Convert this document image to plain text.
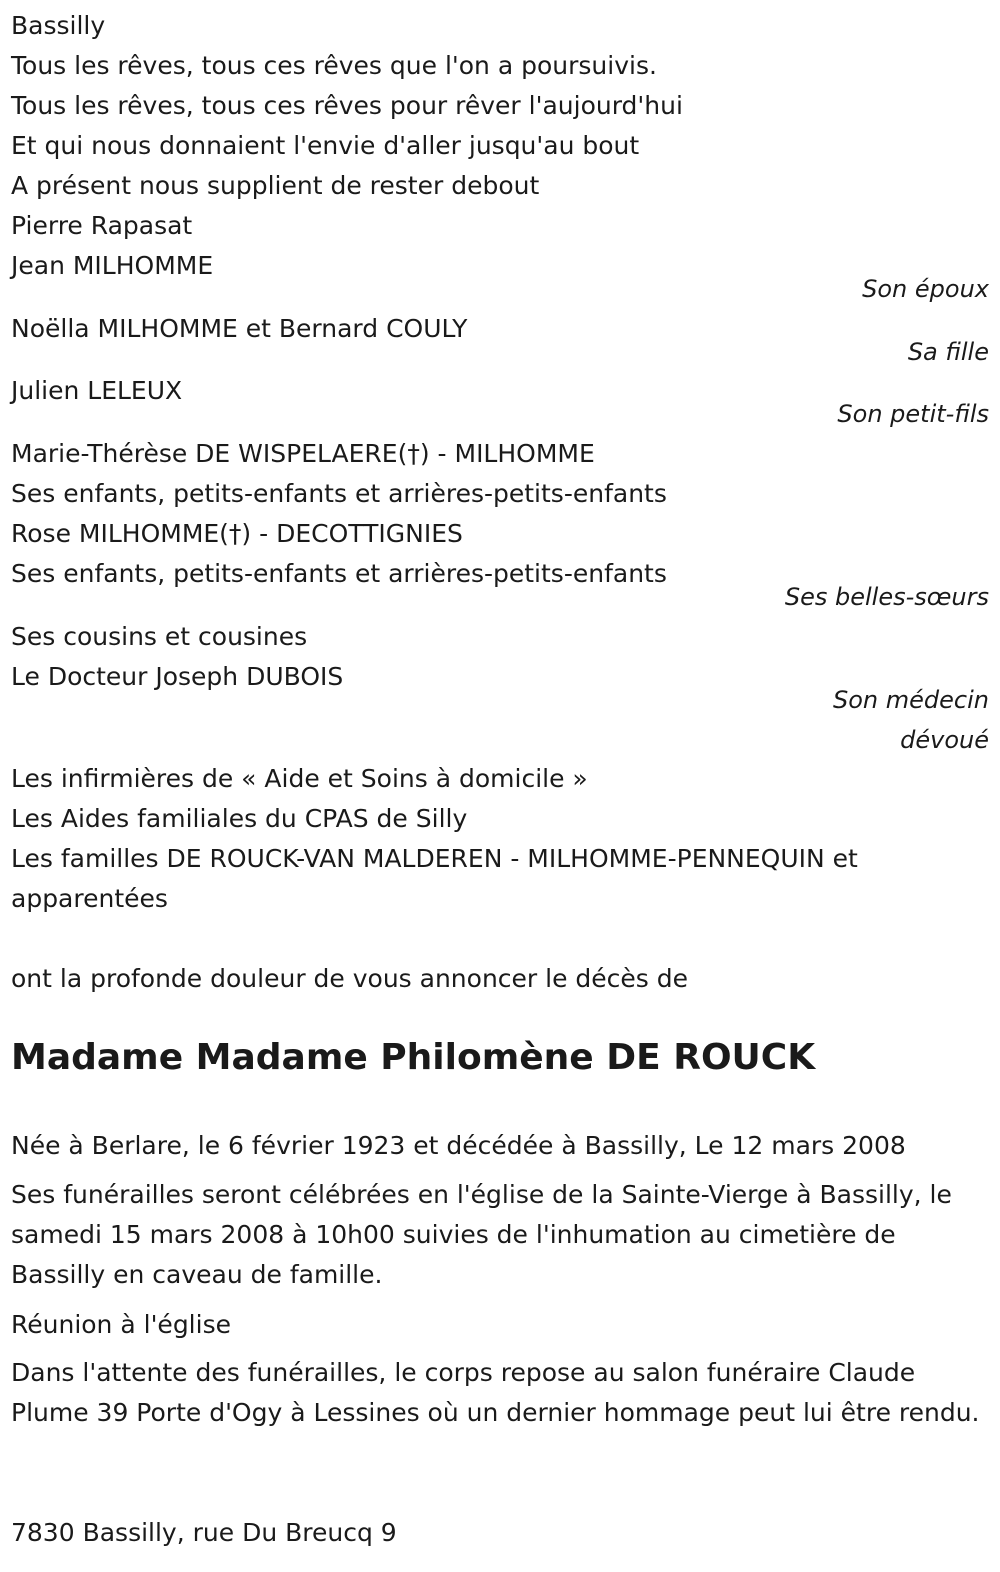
Bassilly
Tous les rêves, tous ces rêves que l'on a poursuivis.
Tous les rêves, tous ces rêves pour rêver l'aujourd'hui
Et qui nous donnaient l'envie d'aller jusqu'au bout
A présent nous supplient de rester debout
Pierre Rapasat
Jean MILHOMME
Son époux
Noëlla MILHOMME et Bernard COULY
Sa fille
Julien LELEUX
Son petit-fils
Marie-Thérèse DE WISPELAERE(†) - MILHOMME
Ses enfants, petits-enfants et arrières-petits-enfants
Rose MILHOMME(†) - DECOTTIGNIES
Ses enfants, petits-enfants et arrières-petits-enfants
Ses belles-sœurs
Ses cousins et cousines
Le Docteur Joseph DUBOIS
Son médecin
dévoué
Les infirmières de « Aide et Soins à domicile »
Les Aides familiales du CPAS de Silly
Les familles DE ROUCK-VAN MALDEREN - MILHOMME-PENNEQUIN et apparentées
ont la profonde douleur de vous annoncer le décès de
Madame Madame Philomène DE ROUCK
Née à Berlare, le 6 février 1923 et décédée à Bassilly, Le 12 mars 2008
Ses funérailles seront célébrées en l'église de la Sainte-Vierge à Bassilly, le samedi 15 mars 2008 à 10h00 suivies de l'inhumation au cimetière de Bassilly en caveau de famille.
Réunion à l'église
Dans l'attente des funérailles, le corps repose au salon funéraire Claude Plume 39 Porte d'Ogy à Lessines où un dernier hommage peut lui être rendu.
7830 Bassilly, rue Du Breucq 9
